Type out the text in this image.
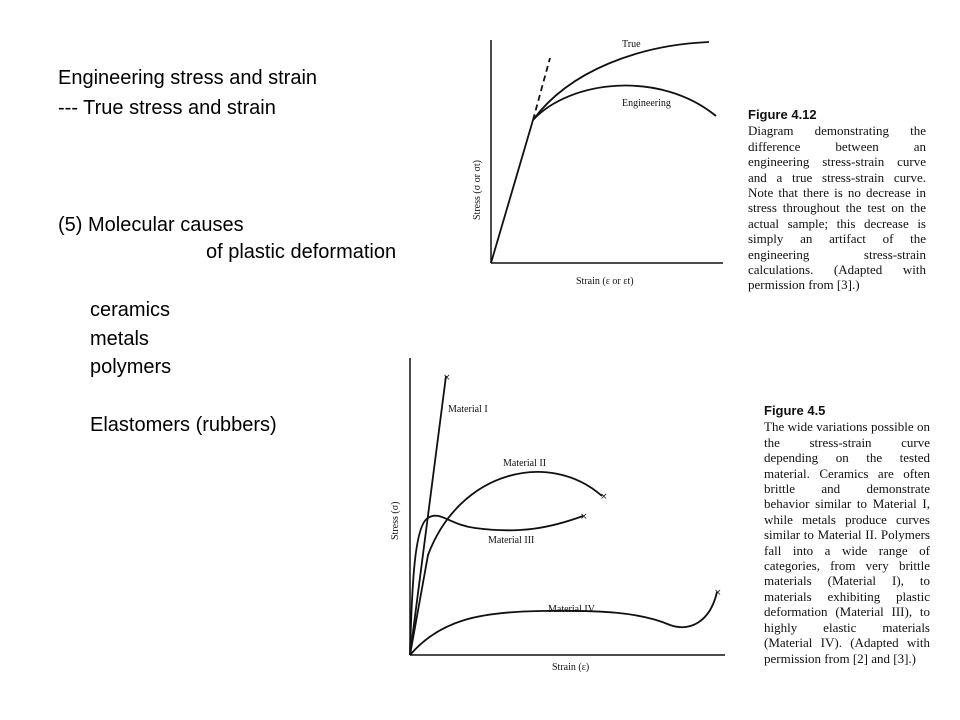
Engineering stress and strain
--- True stress and strain
(5) Molecular causes
of plastic deformation
ceramics
metals
polymers
Elastomers (rubbers)
True
Engineering
Stress (σ or σt)
Strain (ε or εt)
Figure 4.12
Diagram demonstrating the difference between an engineering stress-strain curve and a true stress-strain curve. Note that there is no decrease in stress throughout the test on the actual sample; this decrease is simply an artifact of the engineering stress-strain calculations. (Adapted with permission from [3].)
×
Material I
×
Material II
×
Material III
×
Material IV
Stress (σ)
Strain (ε)
Figure 4.5
The wide variations possible on the stress-strain curve depending on the tested material. Ceramics are often brittle and demonstrate behavior similar to Material I, while metals produce curves similar to Material II. Polymers fall into a wide range of categories, from very brittle materials (Material I), to materials exhibiting plastic deformation (Material III), to highly elastic materials (Material IV). (Adapted with permission from [2] and [3].)
